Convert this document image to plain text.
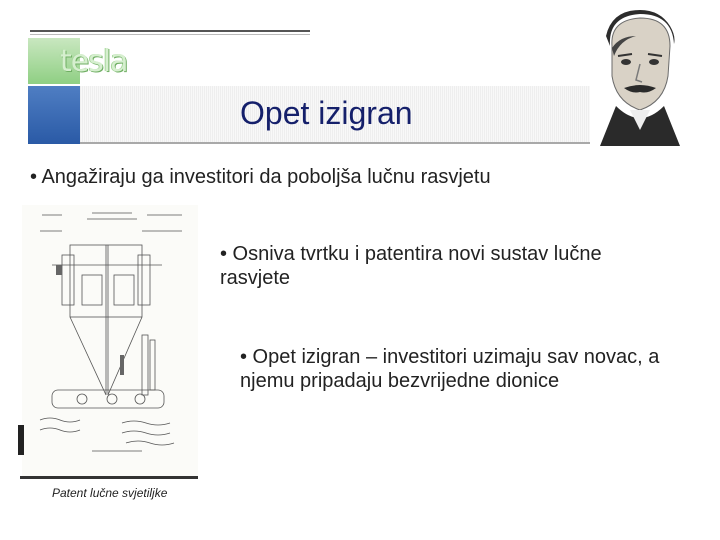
tesla
Opet izigran
• Angažiraju ga investitori da poboljša lučnu rasvjetu
• Osniva tvrtku i patentira novi sustav lučne rasvjete
• Opet izigran – investitori uzimaju sav novac, a njemu pripadaju bezvrijedne dionice
Patent lučne svjetiljke
